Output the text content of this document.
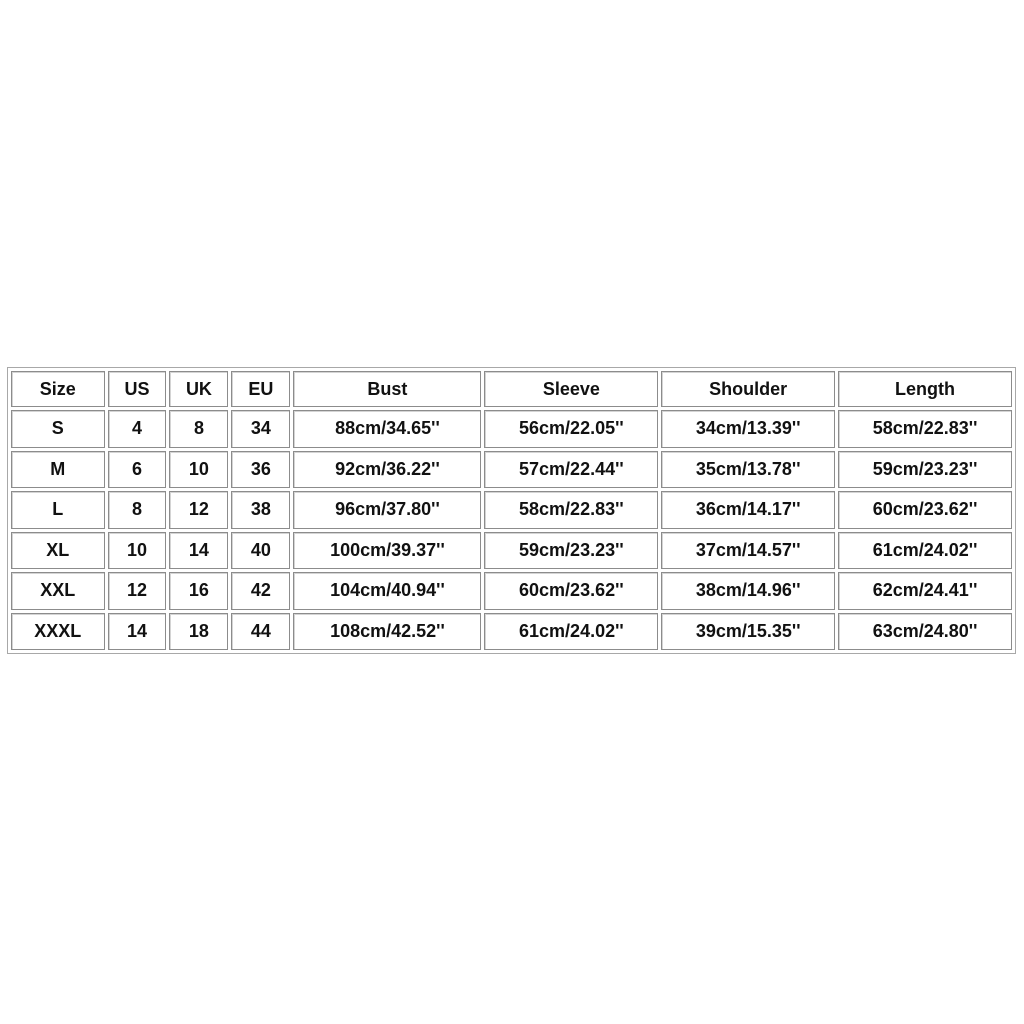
Size	US	UK	EU	Bust	Sleeve	Shoulder	Length
S	4	8	34	88cm/34.65''	56cm/22.05''	34cm/13.39''	58cm/22.83''
M	6	10	36	92cm/36.22''	57cm/22.44''	35cm/13.78''	59cm/23.23''
L	8	12	38	96cm/37.80''	58cm/22.83''	36cm/14.17''	60cm/23.62''
XL	10	14	40	100cm/39.37''	59cm/23.23''	37cm/14.57''	61cm/24.02''
XXL	12	16	42	104cm/40.94''	60cm/23.62''	38cm/14.96''	62cm/24.41''
XXXL	14	18	44	108cm/42.52''	61cm/24.02''	39cm/15.35''	63cm/24.80''
